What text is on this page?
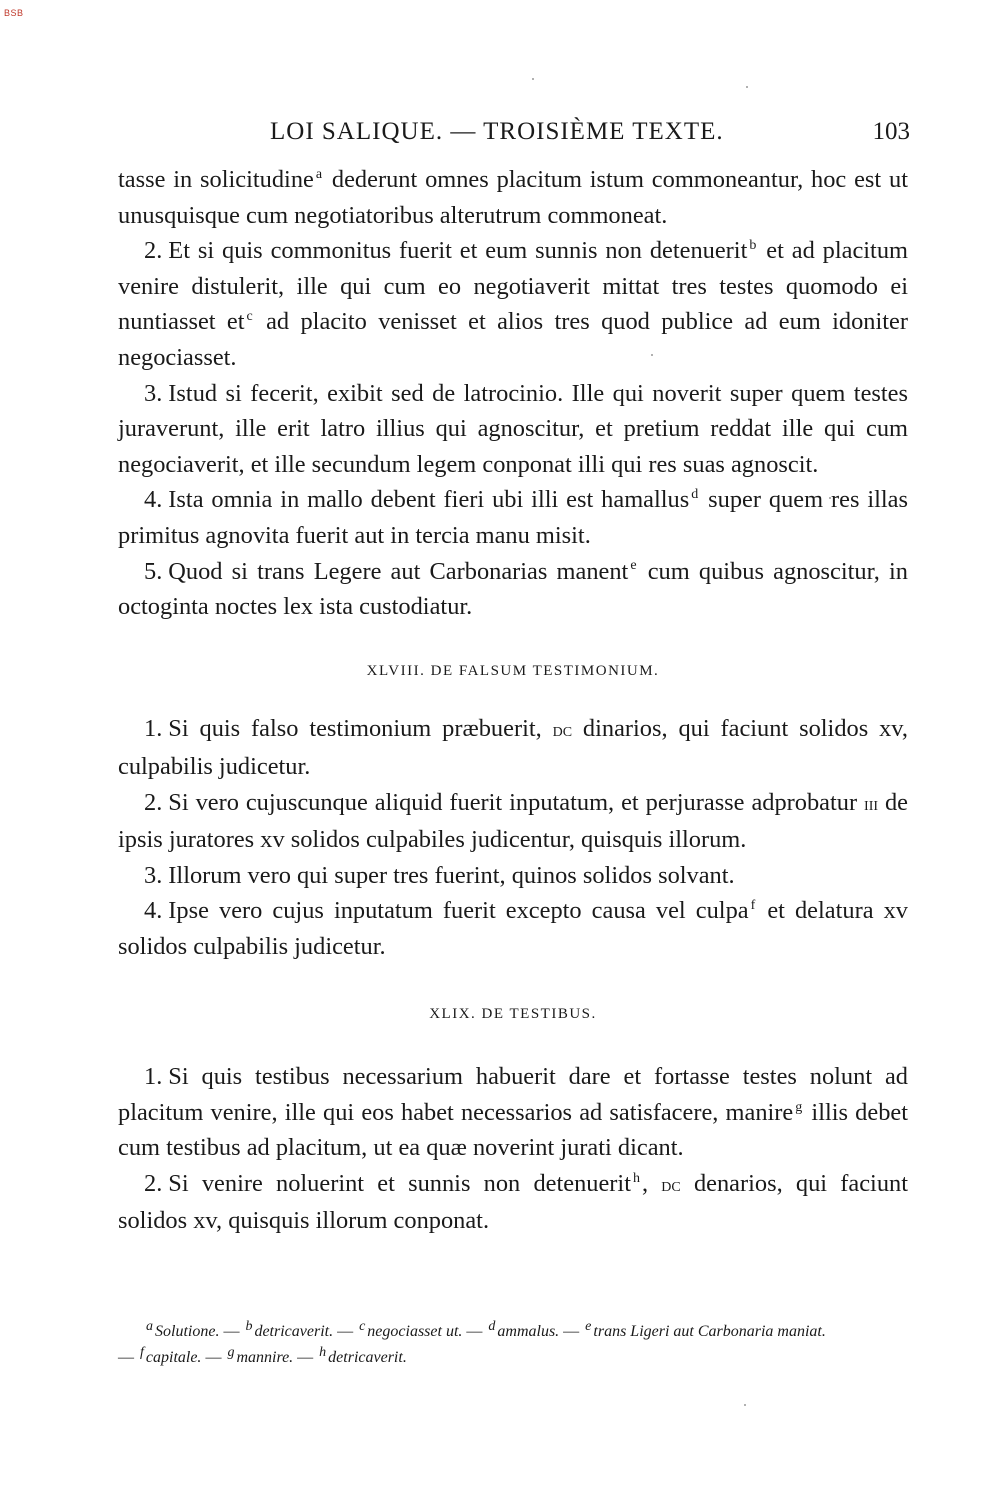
BSB
LOI SALIQUE. — TROISIÈME TEXTE.	103

tasse in solicitudine $^a$ dederunt omnes placitum istum commoneantur, hoc est ut unusquisque cum negotiatoribus alterutrum commoneat.

2. Et si quis commonitus fuerit et eum sunnis non detenuerit $^b$ et ad placitum venire distulerit, ille qui cum eo negotiaverit mittat tres testes quomodo ei nuntiasset et $^c$ ad placito venisset et alios tres quod publice ad eum idoniter negociasset.

3. Istud si fecerit, exibit sed de latrocinio. Ille qui noverit super quem testes juraverunt, ille erit latro illius qui agnoscitur, et pretium reddat ille qui cum negociaverit, et ille secundum legem conponat illi qui res suas agnoscit.

4. Ista omnia in mallo debent fieri ubi illi est hamallus $^d$ super quem res illas primitus agnovita fuerit aut in tercia manu misit.

5. Quod si trans Legere aut Carbonarias manent $^e$ cum quibus agnoscitur, in octoginta noctes lex ista custodiatur.

XLVIII. DE FALSUM TESTIMONIUM.

1. Si quis falso testimonium præbuerit, dc dinarios, qui faciunt solidos xv, culpabilis judicetur.

2. Si vero cujuscunque aliquid fuerit inputatum, et perjurasse adprobatur iii de ipsis juratores xv solidos culpabiles judicentur, quisquis illorum.

3. Illorum vero qui super tres fuerint, quinos solidos solvant.

4. Ipse vero cujus inputatum fuerit excepto causa vel culpa $^f$ et delatura xv solidos culpabilis judicetur.

XLIX. DE TESTIBUS.

1. Si quis testibus necessarium habuerit dare et fortasse testes nolunt ad placitum venire, ille qui eos habet necessarios ad satisfacere, manire $^g$ illis debet cum testibus ad placitum, ut ea quæ noverint jurati dicant.

2. Si venire noluerint et sunnis non detenuerit $^h$, dc denarios, qui faciunt solidos xv, quisquis illorum conponat.

a Solutione. — b detricaverit. — c negociasset ut. — d ammalus. — e trans Ligeri aut Carbonaria maniat.
— f capitale. — g mannire. — h detricaverit.
